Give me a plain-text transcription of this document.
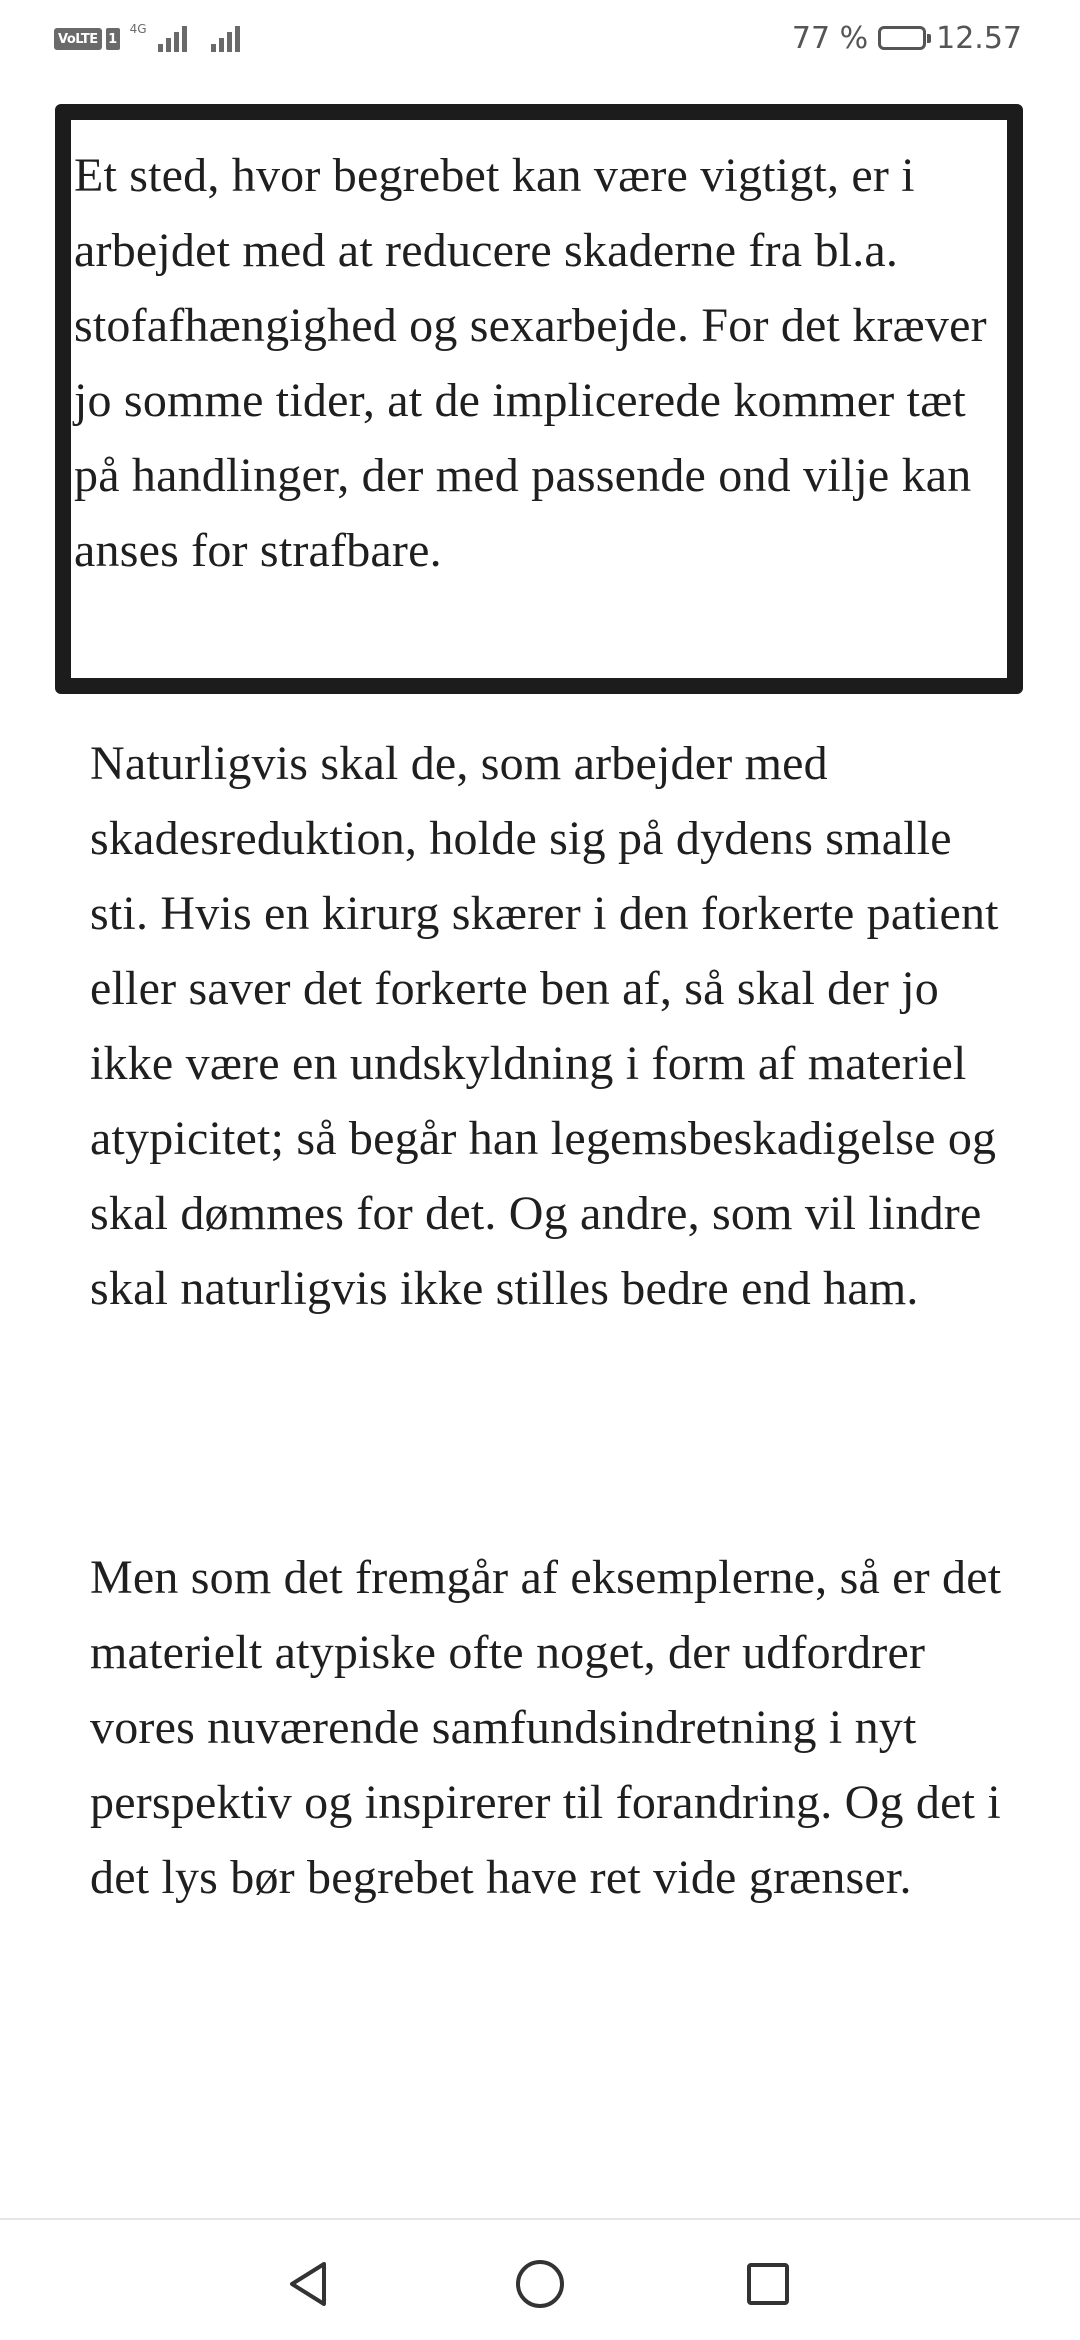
VoLTE 1
4G	77 % 12.57
Et sted, hvor begrebet kan være vigtigt, er i arbejdet med at reducere skaderne fra bl.a. stofafhængighed og sexarbejde. For det kræver jo somme tider, at de implicerede kommer tæt på handlinger, der med passende ond vilje kan anses for strafbare.
Naturligvis skal de, som arbejder med skadesreduktion, holde sig på dydens smalle sti. Hvis en kirurg skærer i den forkerte patient eller saver det forkerte ben af, så skal der jo ikke være en undskyldning i form af materiel atypicitet; så begår han legemsbeskadigelse og skal dømmes for det. Og andre, som vil lindre skal naturligvis ikke stilles bedre end ham.
Men som det fremgår af eksemplerne, så er det materielt atypiske ofte noget, der udfordrer vores nuværende samfundsindretning i nyt perspektiv og inspirerer til forandring. Og det i det lys bør begrebet have ret vide grænser.
